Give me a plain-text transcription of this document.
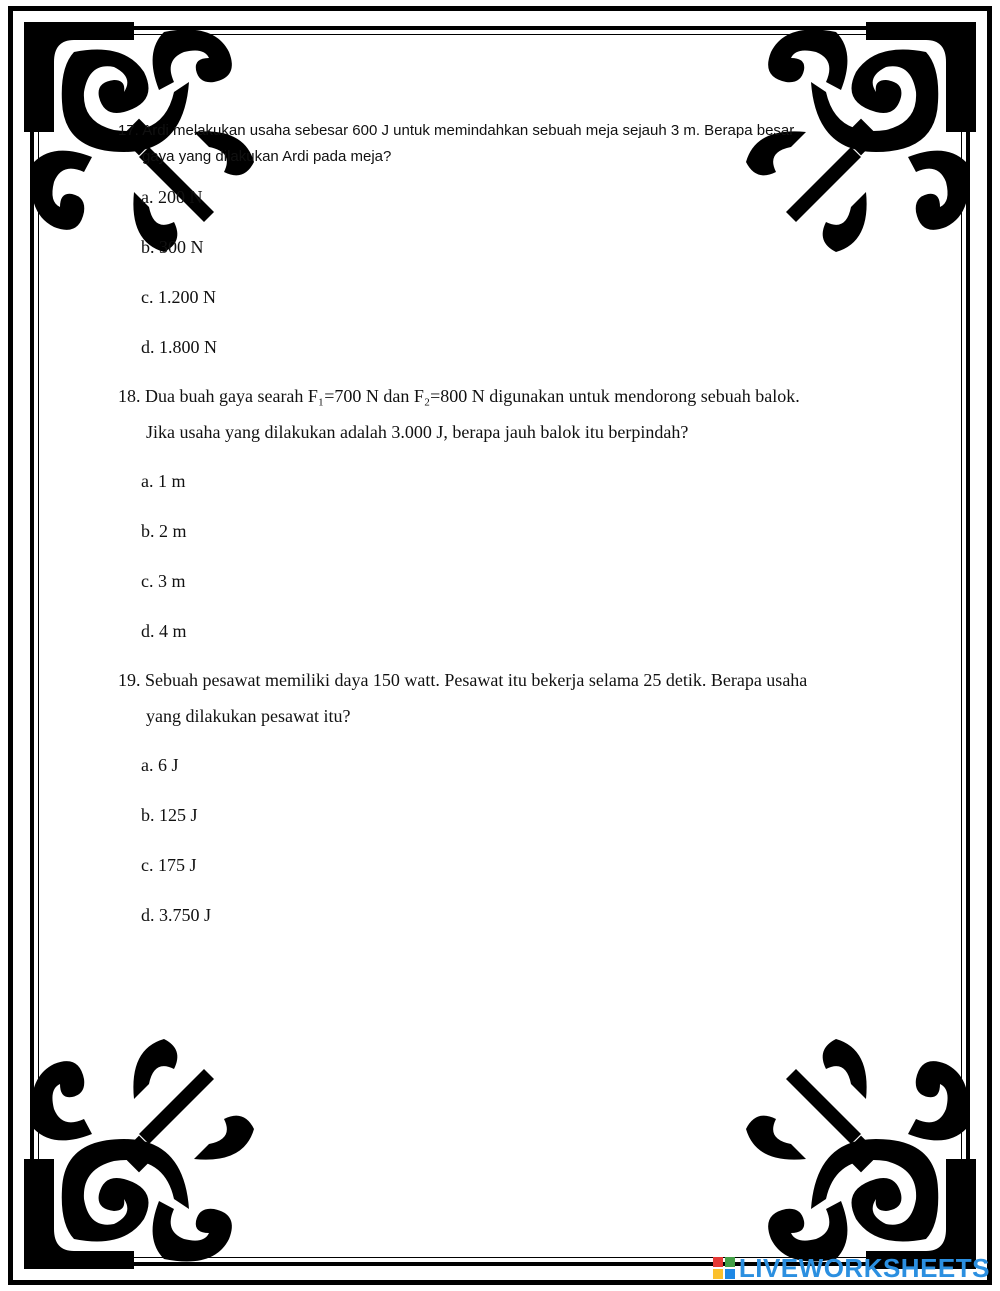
17. Ardi melakukan usaha sebesar 600 J untuk memindahkan sebuah meja sejauh 3 m. Berapa besar
gaya yang dilakukan Ardi pada meja?
a. 200 N
b. 300 N
c. 1.200 N
d. 1.800 N
18. Dua buah gaya searah F₁=700 N dan F₂=800 N digunakan untuk mendorong sebuah balok.
Jika usaha yang dilakukan adalah 3.000 J, berapa jauh balok itu berpindah?
a. 1 m
b. 2 m
c. 3 m
d. 4 m
19. Sebuah pesawat memiliki daya 150 watt. Pesawat itu bekerja selama 25 detik. Berapa usaha
yang dilakukan pesawat itu?
a. 6 J
b. 125 J
c. 175 J
d. 3.750 J
LIVEWORKSHEETS
